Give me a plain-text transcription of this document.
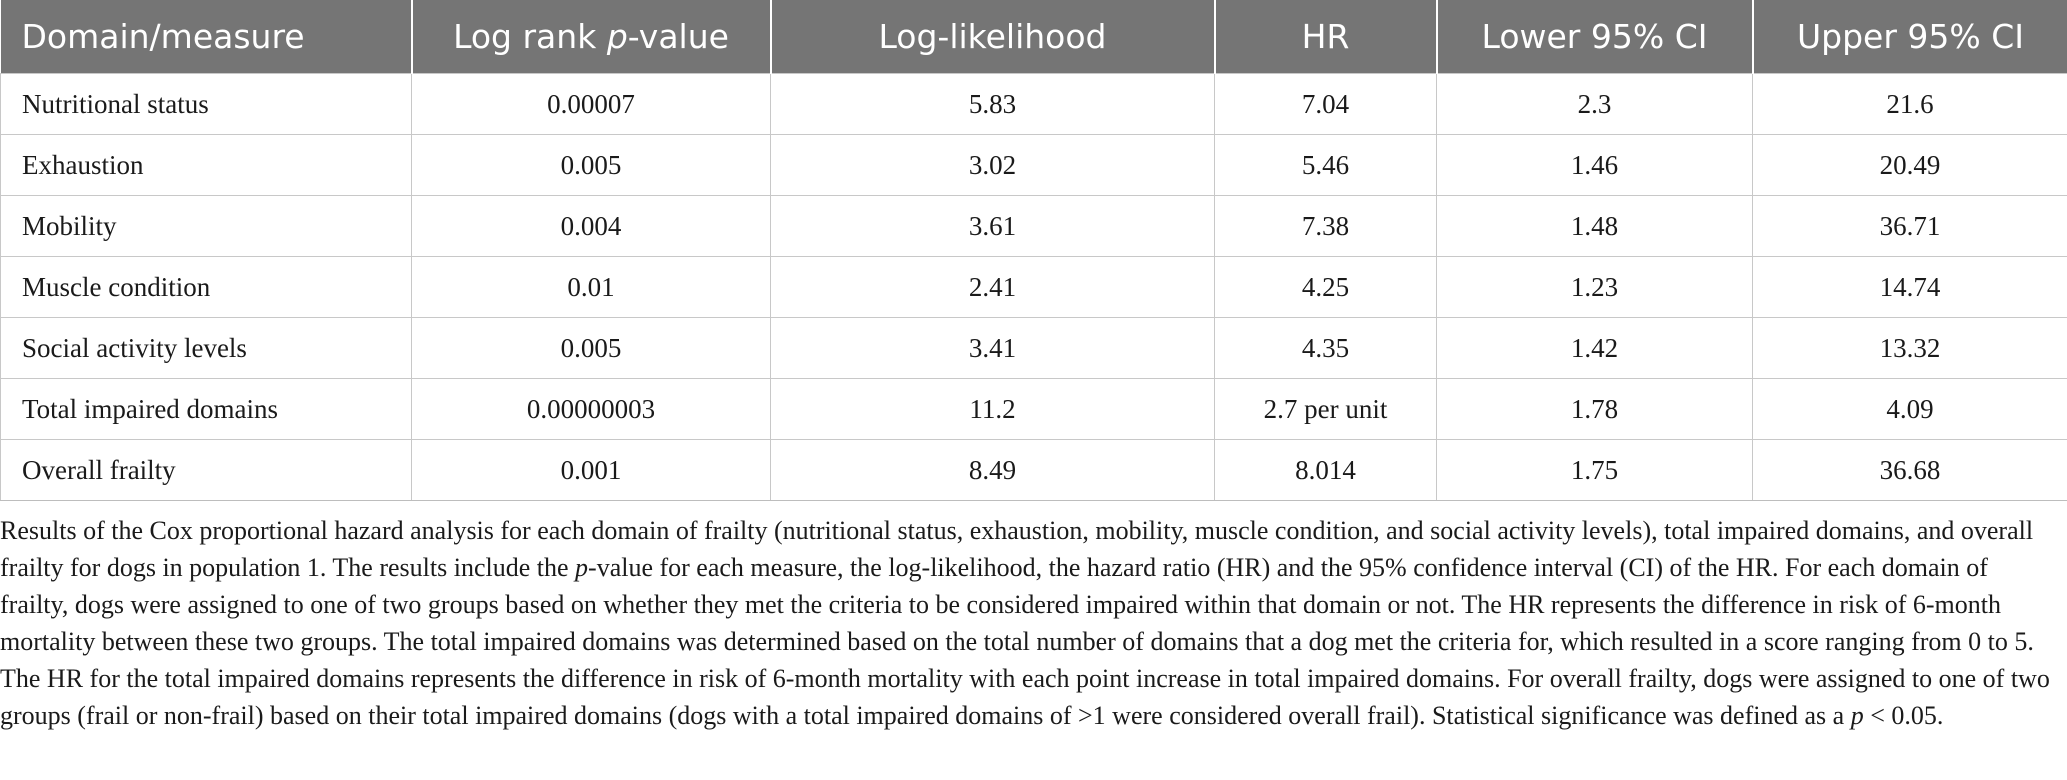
Domain/measure	Log rank p-value	Log-likelihood	HR	Lower 95% CI	Upper 95% CI
Nutritional status	0.00007	5.83	7.04	2.3	21.6
Exhaustion	0.005	3.02	5.46	1.46	20.49
Mobility	0.004	3.61	7.38	1.48	36.71
Muscle condition	0.01	2.41	4.25	1.23	14.74
Social activity levels	0.005	3.41	4.35	1.42	13.32
Total impaired domains	0.00000003	11.2	2.7 per unit	1.78	4.09
Overall frailty	0.001	8.49	8.014	1.75	36.68

Results of the Cox proportional hazard analysis for each domain of frailty (nutritional status, exhaustion, mobility, muscle condition, and social activity levels), total impaired domains, and overall frailty for dogs in population 1. The results include the p-value for each measure, the log-likelihood, the hazard ratio (HR) and the 95% confidence interval (CI) of the HR. For each domain of frailty, dogs were assigned to one of two groups based on whether they met the criteria to be considered impaired within that domain or not. The HR represents the difference in risk of 6-month mortality between these two groups. The total impaired domains was determined based on the total number of domains that a dog met the criteria for, which resulted in a score ranging from 0 to 5. The HR for the total impaired domains represents the difference in risk of 6-month mortality with each point increase in total impaired domains. For overall frailty, dogs were assigned to one of two groups (frail or non-frail) based on their total impaired domains (dogs with a total impaired domains of >1 were considered overall frail). Statistical significance was defined as a p < 0.05.
